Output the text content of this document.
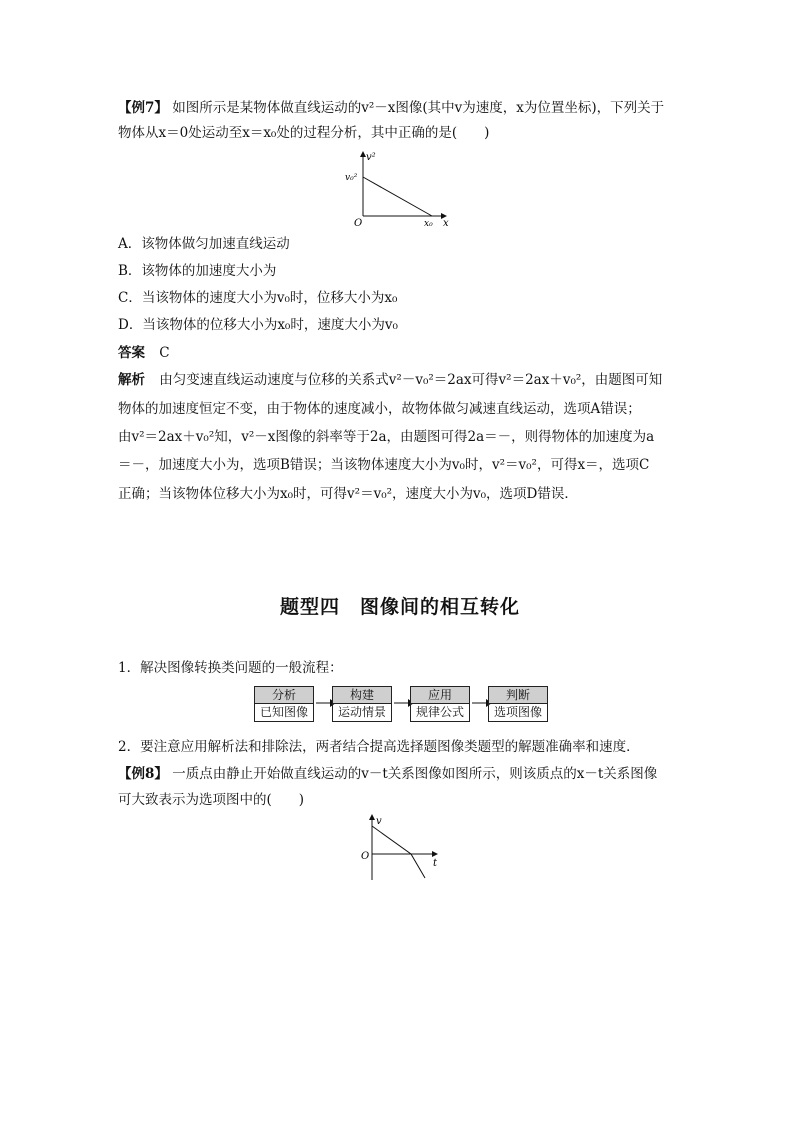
【例7】 如图所示是某物体做直线运动的v²－x图像(其中v为速度，x为位置坐标)，下列关于
物体从x＝0处运动至x＝x₀处的过程分析，其中正确的是(　　)
v²
v₀²
O	x₀ x
A．该物体做匀加速直线运动
B．该物体的加速度大小为
C．当该物体的速度大小为v₀时，位移大小为x₀
D．当该物体的位移大小为x₀时，速度大小为v₀
答案 C
解析 由匀变速直线运动速度与位移的关系式v²－v₀²＝2ax可得v²＝2ax＋v₀²，由题图可知
物体的加速度恒定不变，由于物体的速度减小，故物体做匀减速直线运动，选项A错误；
由v²＝2ax＋v₀²知，v²－x图像的斜率等于2a，由题图可得2a＝－，则得物体的加速度为a
＝－，加速度大小为，选项B错误；当该物体速度大小为v₀时，v²＝v₀²，可得x＝，选项C
正确；当该物体位移大小为x₀时，可得v²＝v₀²，速度大小为v₀，选项D错误．
题型四　图像间的相互转化
1．解决图像转换类问题的一般流程：
分析
已知图像
构建
运动情景
应用
规律公式
判断
选项图像
2．要注意应用解析法和排除法，两者结合提高选择题图像类题型的解题准确率和速度．
【例8】 一质点由静止开始做直线运动的v－t关系图像如图所示，则该质点的x－t关系图像
可大致表示为选项图中的(　　)
v
O
t
